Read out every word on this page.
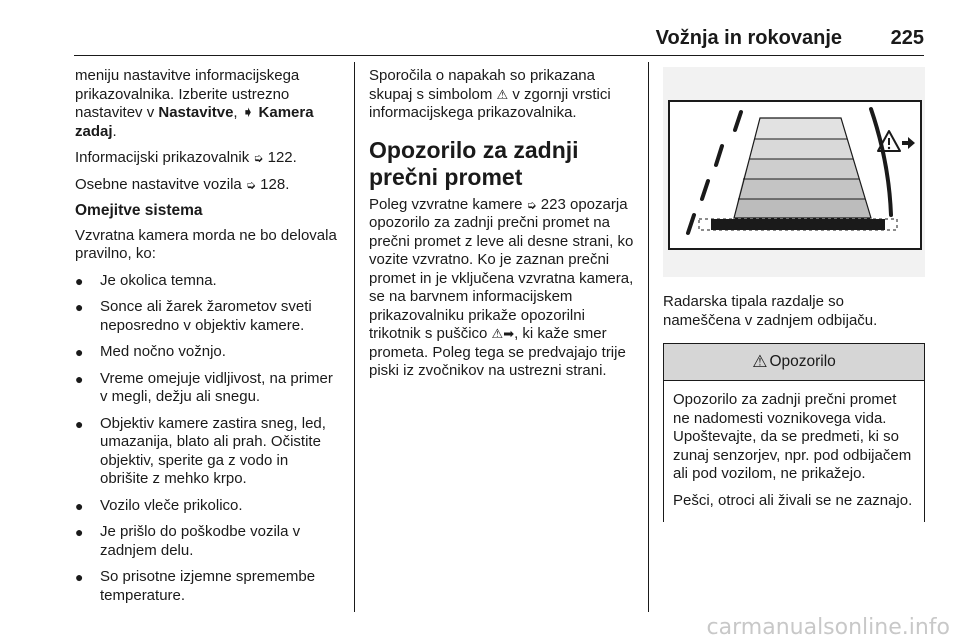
Vožnja in rokovanje 225

meniju nastavitve informacijskega prikazovalnika. Izberite ustrezno nastavitev v Nastavitve, ➧ Kamera zadaj.

Informacijski prikazovalnik ➭ 122.

Osebne nastavitve vozila ➭ 128.

Omejitve sistema

Vzvratna kamera morda ne bo delovala pravilno, ko:

● Je okolica temna.
● Sonce ali žarek žarometov sveti neposredno v objektiv kamere.
● Med nočno vožnjo.
● Vreme omejuje vidljivost, na primer v megli, dežju ali snegu.
● Objektiv kamere zastira sneg, led, umazanija, blato ali prah. Očistite objektiv, sperite ga z vodo in obrišite z mehko krpo.
● Vozilo vleče prikolico.
● Je prišlo do poškodbe vozila v zadnjem delu.
● So prisotne izjemne spremembe temperature.

Sporočila o napakah so prikazana skupaj s simbolom ⚠ v zgornji vrstici informacijskega prikazovalnika.

Opozorilo za zadnji prečni promet

Poleg vzvratne kamere ➭ 223 opozarja opozorilo za zadnji prečni promet na prečni promet z leve ali desne strani, ko vozite vzvratno. Ko je zaznan prečni promet in je vključena vzvratna kamera, se na barvnem informacijskem prikazovalniku prikaže opozorilni trikotnik s puščico ⚠➡, ki kaže smer prometa. Poleg tega se predvajajo trije piski iz zvočnikov na ustrezni strani.

Radarska tipala razdalje so nameščena v zadnjem odbijaču.

⚠ Opozorilo

Opozorilo za zadnji prečni promet ne nadomesti voznikovega vida. Upoštevajte, da se predmeti, ki so zunaj senzorjev, npr. pod odbijačem ali pod vozilom, ne prikažejo.

Pešci, otroci ali živali se ne zaznajo.

carmanualsonline.info
